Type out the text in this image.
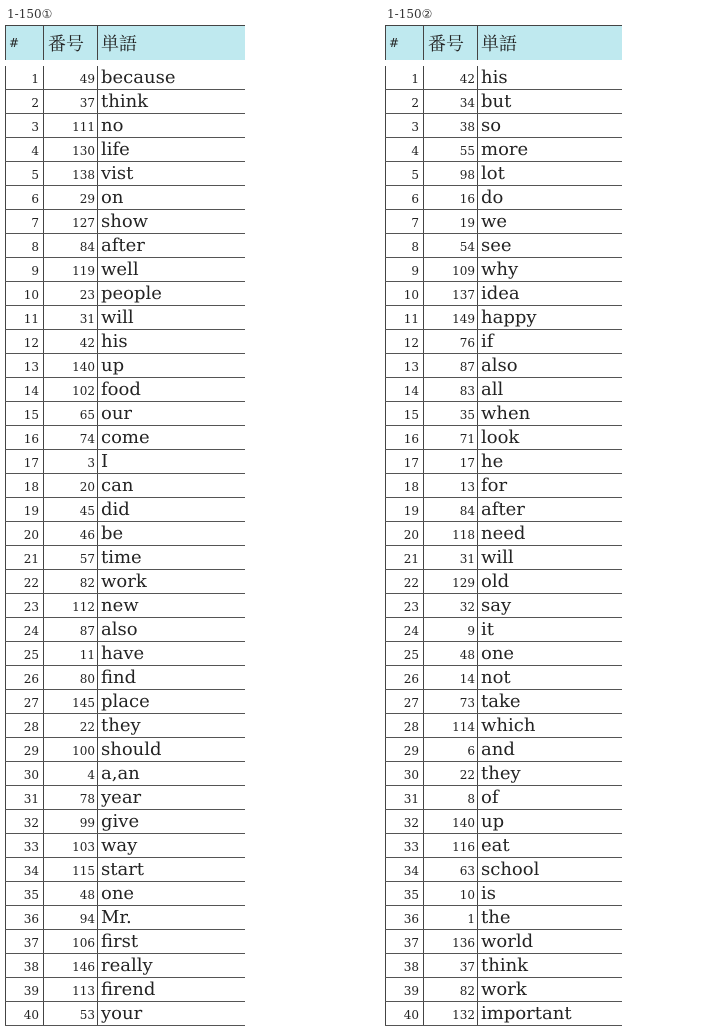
1-150①
#	番号	単語
1	49	because
2	37	think
3	111	no
4	130	life
5	138	vist
6	29	on
7	127	show
8	84	after
9	119	well
10	23	people
11	31	will
12	42	his
13	140	up
14	102	food
15	65	our
16	74	come
17	3	I
18	20	can
19	45	did
20	46	be
21	57	time
22	82	work
23	112	new
24	87	also
25	11	have
26	80	find
27	145	place
28	22	they
29	100	should
30	4	a,an
31	78	year
32	99	give
33	103	way
34	115	start
35	48	one
36	94	Mr.
37	106	first
38	146	really
39	113	firend
40	53	your
1-150②
#	番号	単語
1	42	his
2	34	but
3	38	so
4	55	more
5	98	lot
6	16	do
7	19	we
8	54	see
9	109	why
10	137	idea
11	149	happy
12	76	if
13	87	also
14	83	all
15	35	when
16	71	look
17	17	he
18	13	for
19	84	after
20	118	need
21	31	will
22	129	old
23	32	say
24	9	it
25	48	one
26	14	not
27	73	take
28	114	which
29	6	and
30	22	they
31	8	of
32	140	up
33	116	eat
34	63	school
35	10	is
36	1	the
37	136	world
38	37	think
39	82	work
40	132	important
